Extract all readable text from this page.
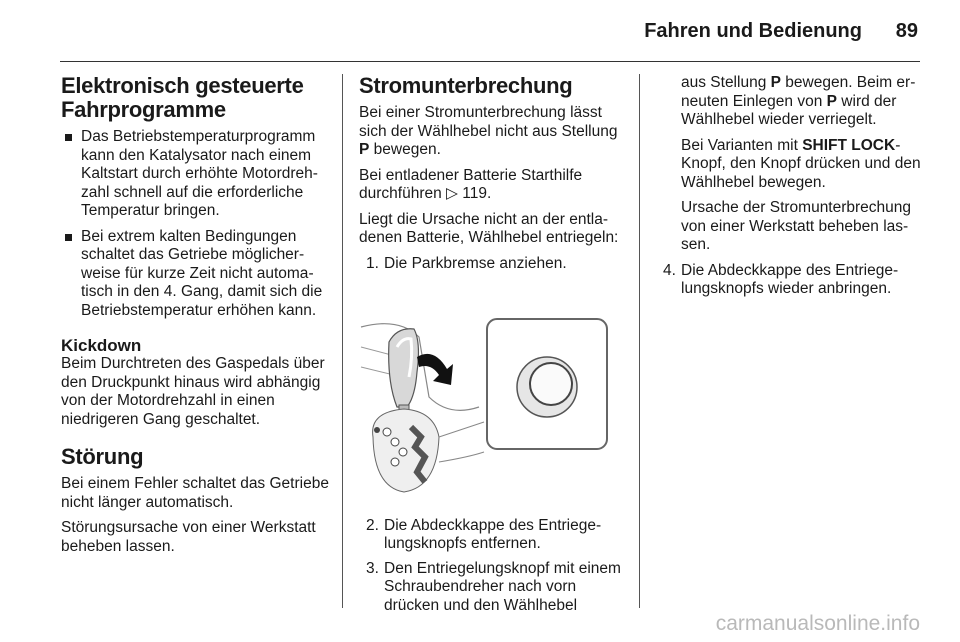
Fahren und Bedienung 89
Elektronisch gesteuerte Fahrprogramme
Das Betriebstemperaturprogramm kann den Katalysator nach einem Kaltstart durch erhöhte Motordrehzahl schnell auf die erforderliche Temperatur bringen.
Bei extrem kalten Bedingungen schaltet das Getriebe möglicherweise für kurze Zeit nicht automatisch in den 4. Gang, damit sich die Betriebstemperatur erhöhen kann.
Kickdown

Beim Durchtreten des Gaspedals über den Druckpunkt hinaus wird abhängig von der Motordrehzahl in einen niedrigeren Gang geschaltet.

Störung

Bei einem Fehler schaltet das Getriebe nicht länger automatisch.

Störungsursache von einer Werkstatt beheben lassen.

Stromunterbrechung

Bei einer Stromunterbrechung lässt sich der Wählhebel nicht aus Stellung P bewegen.

Bei entladener Batterie Starthilfe durchführen ▷ 119.

Liegt die Ursache nicht an der entladenen Batterie, Wählhebel entriegeln:

1. Die Parkbremse anziehen.
2. Die Abdeckkappe des Entriegelungsknopfs entfernen.
3. Den Entriegelungsknopf mit einem Schraubendreher nach vorn drücken und den Wählhebel

aus Stellung P bewegen. Beim erneuten Einlegen von P wird der Wählhebel wieder verriegelt.

Bei Varianten mit SHIFT LOCK-Knopf, den Knopf drücken und den Wählhebel bewegen.

Ursache der Stromunterbrechung von einer Werkstatt beheben lassen.

4. Die Abdeckkappe des Entriegelungsknopfs wieder anbringen.
carmanualsonline.info
